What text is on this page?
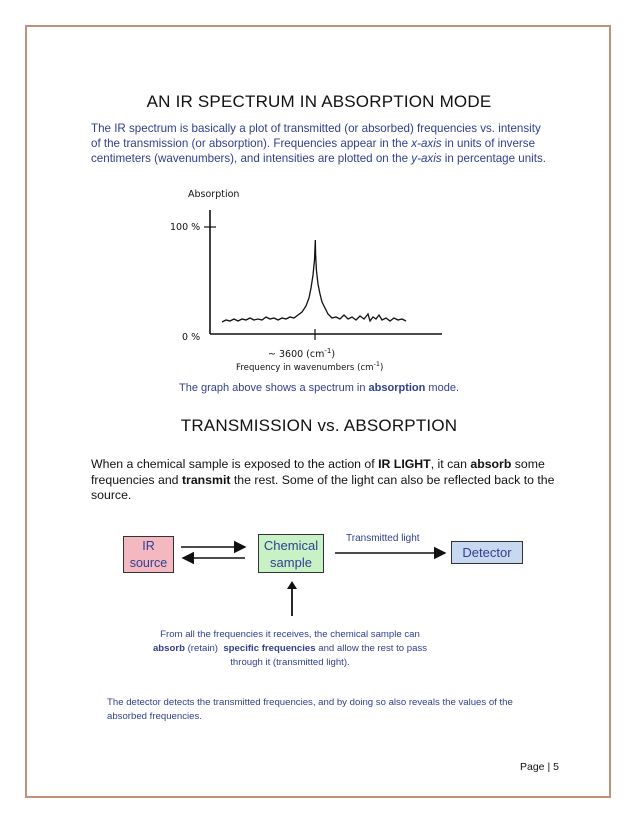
AN IR SPECTRUM IN ABSORPTION MODE
The IR spectrum is basically a plot of transmitted (or absorbed) frequencies vs. intensity of the transmission (or absorption). Frequencies appear in the x-axis in units of inverse centimeters (wavenumbers), and intensities are plotted on the y-axis in percentage units.
Absorption
100 %
0 %
~ 3600 $(cm^{-1})$
Frequency in wavenumbers $(cm^{-1})$
The graph above shows a spectrum in absorption mode.
TRANSMISSION vs. ABSORPTION
When a chemical sample is exposed to the action of IR LIGHT, it can absorb some frequencies and transmit the rest. Some of the light can also be reflected back to the source.
IR
source
Chemical
sample
Transmitted light
Detector
From all the frequencies it receives, the chemical sample can
absorb (retain)  specific frequencies and allow the rest to pass
through it (transmitted light).
The detector detects the transmitted frequencies, and by doing so also reveals the values of the absorbed frequencies.
Page | 5
